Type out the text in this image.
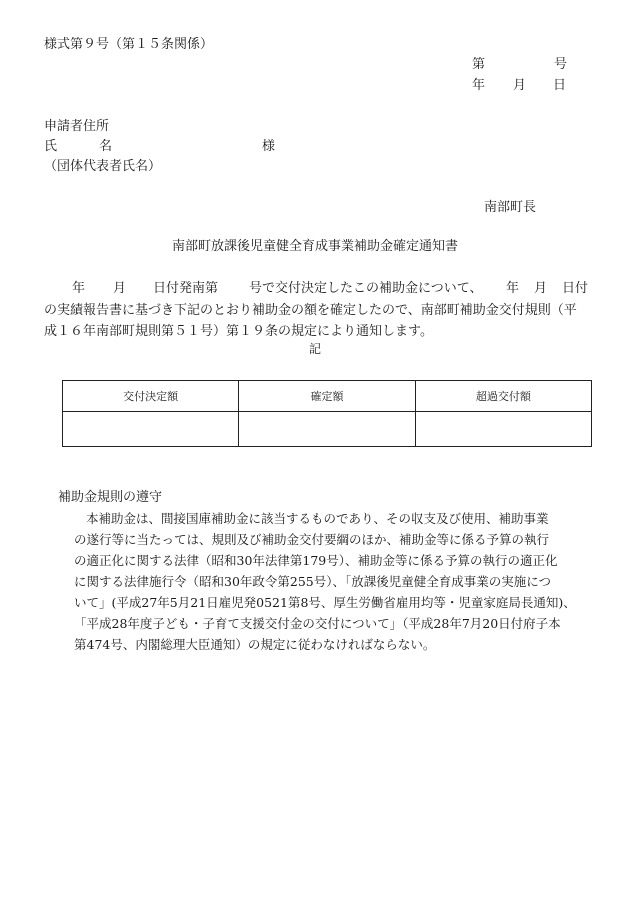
様式第９号（第１５条関係）
第	号
年 月 日
申請者住所
氏	名	様
（団体代表者氏名）
南部町長
南部町放課後児童健全育成事業補助金確定通知書
年 月 日付発南第 号で交付決定したこの補助金について、 年 月 日付
の実績報告書に基づき下記のとおり補助金の額を確定したので、南部町補助金交付規則（平
成１６年南部町規則第５１号）第１９条の規定により通知します。
記
交付決定額	確定額	超過交付額

補助金規則の遵守
本補助金は、間接国庫補助金に該当するものであり、その収支及び使用、補助事業
の遂行等に当たっては、規則及び補助金交付要綱のほか、補助金等に係る予算の執行
の適正化に関する法律（昭和30年法律第179号）、補助金等に係る予算の執行の適正化
に関する法律施行令（昭和30年政令第255号）、「放課後児童健全育成事業の実施につ
いて」(平成27年5月21日雇児発0521第8号、厚生労働省雇用均等・児童家庭局長通知)、
「平成28年度子ども・子育て支援交付金の交付について」（平成28年7月20日付府子本
第474号、内閣総理大臣通知）の規定に従わなければならない。
